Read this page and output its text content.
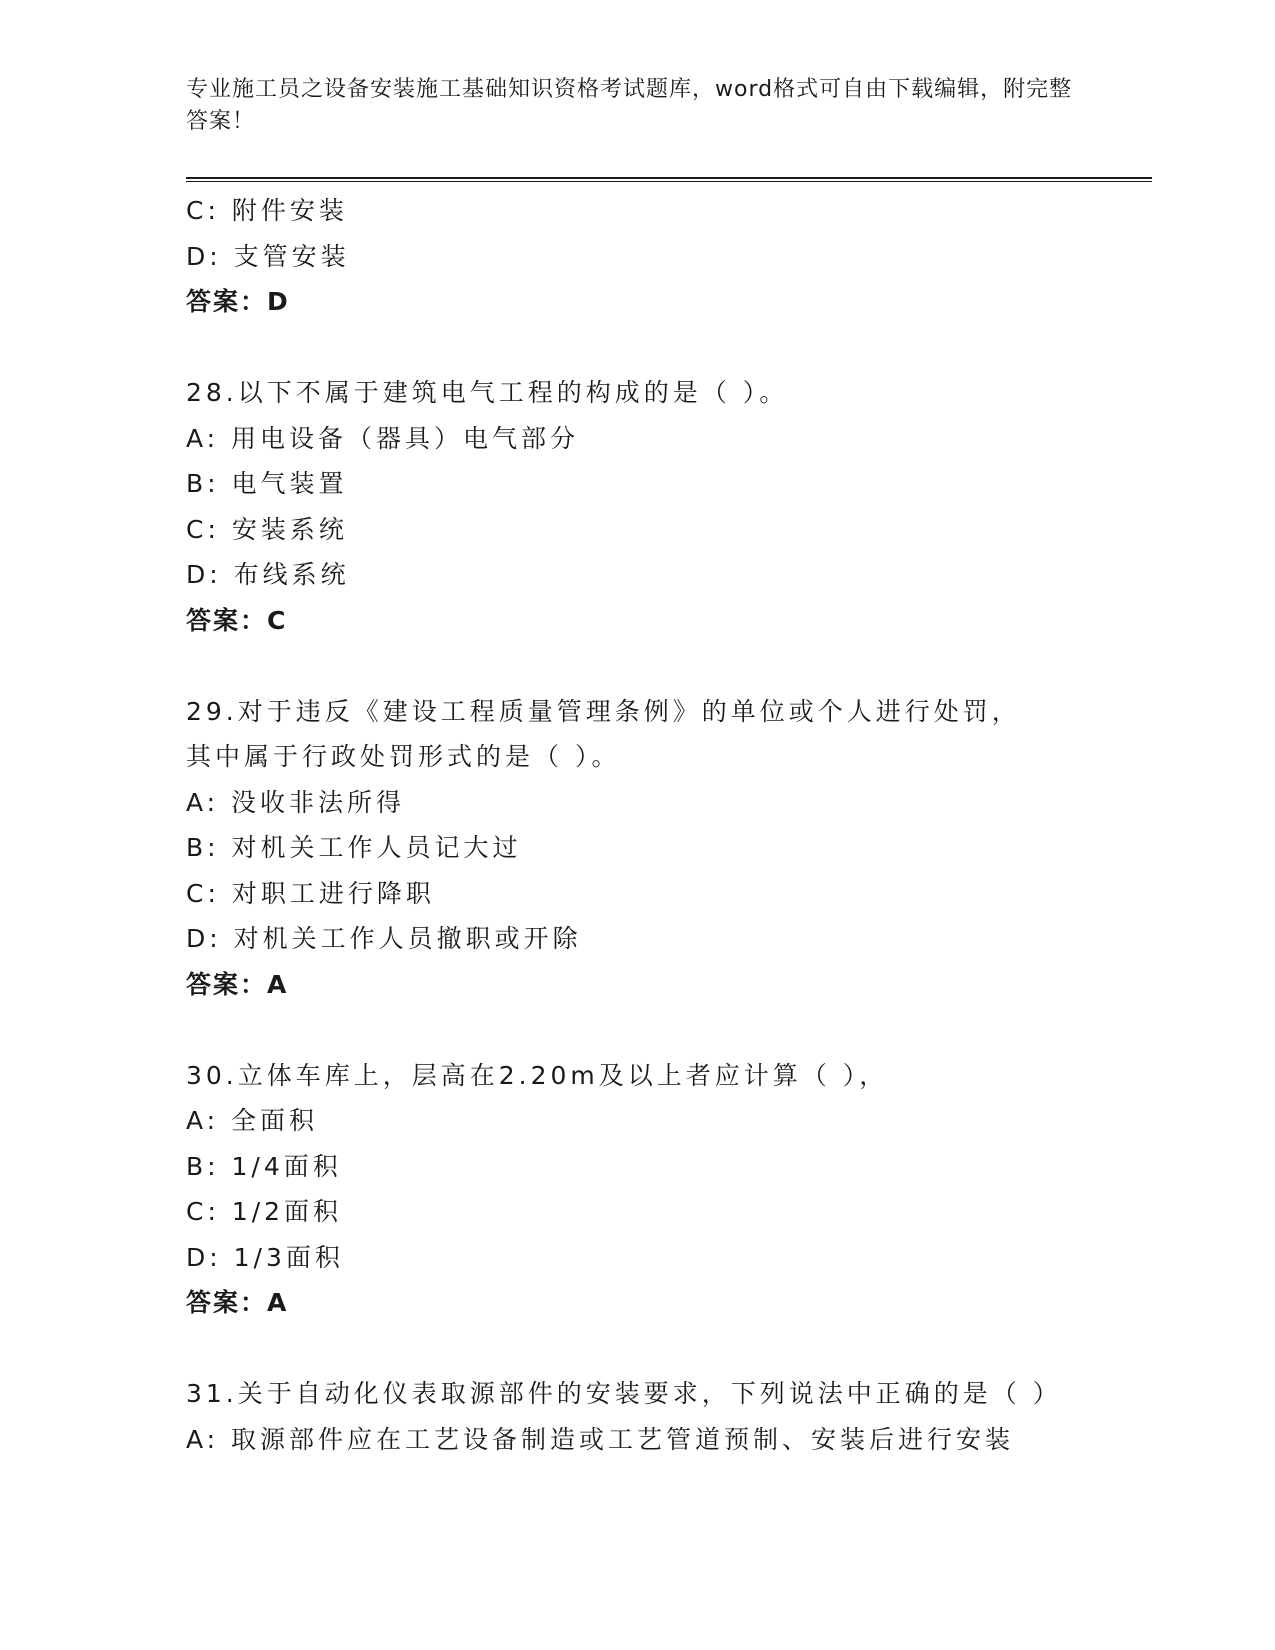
专业施工员之设备安装施工基础知识资格考试题库，word格式可自由下载编辑，附完整答案！
C: 附件安装
D: 支管安装
答案：D
28.以下不属于建筑电气工程的构成的是（ ）。
A: 用电设备（器具）电气部分
B: 电气装置
C: 安装系统
D: 布线系统
答案：C
29.对于违反《建设工程质量管理条例》的单位或个人进行处罚，其中属于行政处罚形式的是（ ）。
A: 没收非法所得
B: 对机关工作人员记大过
C: 对职工进行降职
D: 对机关工作人员撤职或开除
答案：A
30.立体车库上，层高在2.20m及以上者应计算（ ），
A: 全面积
B: 1/4面积
C: 1/2面积
D: 1/3面积
答案：A
31.关于自动化仪表取源部件的安装要求，下列说法中正确的是（ ）
A: 取源部件应在工艺设备制造或工艺管道预制、安装后进行安装
